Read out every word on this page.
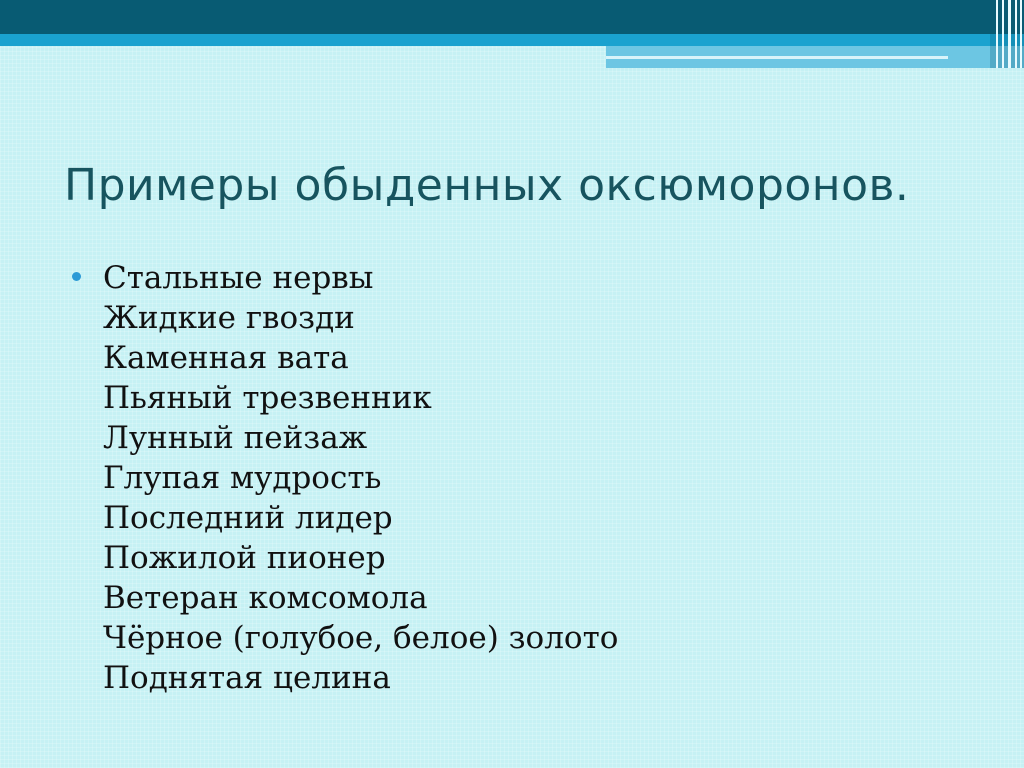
Примеры обыденных оксюморонов.
Стальные нервы
Жидкие гвозди
Каменная вата
Пьяный трезвенник
Лунный пейзаж
Глупая мудрость
Последний лидер
Пожилой пионер
Ветеран комсомола
Чёрное (голубое, белое) золото
Поднятая целина
